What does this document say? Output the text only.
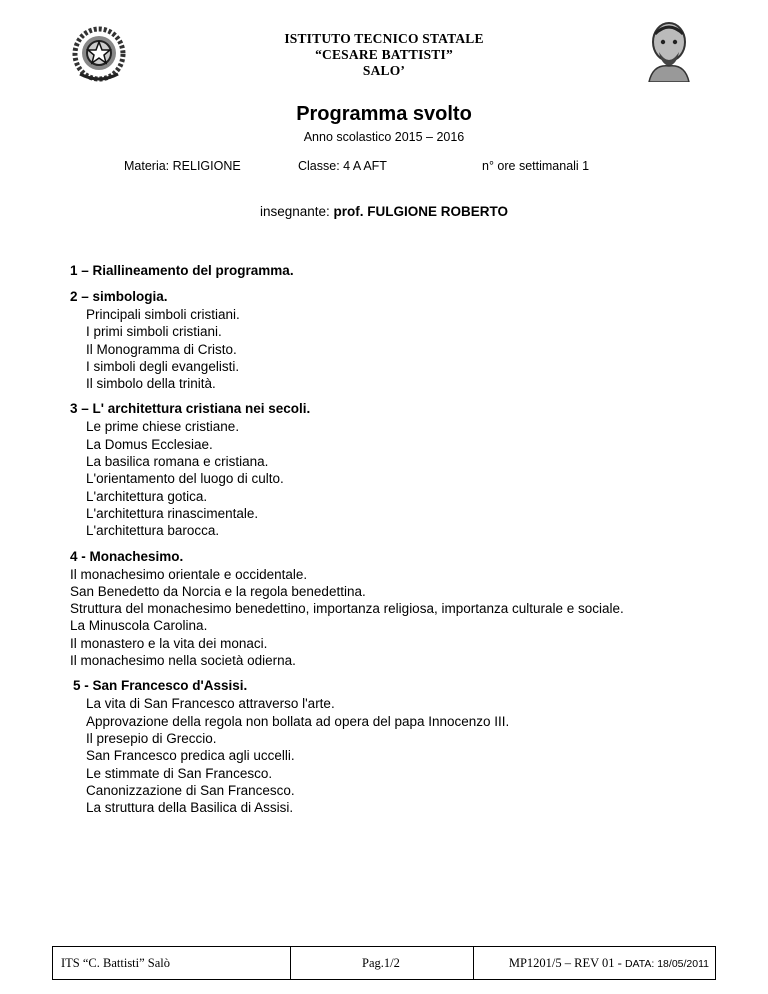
ISTITUTO TECNICO STATALE
“CESARE BATTISTI”
SALO’
Programma svolto
Anno scolastico 2015 – 2016
Materia: RELIGIONE	Classe: 4 A AFT	n° ore settimanali 1
insegnante: prof. FULGIONE ROBERTO
1 – Riallineamento del programma.
2 – simbologia.
Principali simboli cristiani.
I primi simboli cristiani.
Il Monogramma di Cristo.
I simboli degli evangelisti.
Il simbolo della trinità.
3 – L' architettura cristiana nei secoli.
Le prime chiese cristiane.
La Domus Ecclesiae.
La basilica romana e cristiana.
L'orientamento del luogo di culto.
L'architettura gotica.
L'architettura rinascimentale.
L'architettura barocca.
4 - Monachesimo.
Il monachesimo orientale e occidentale.
San Benedetto da Norcia e la regola benedettina.
Struttura del monachesimo benedettino, importanza religiosa, importanza culturale e sociale.
La Minuscola Carolina.
Il monastero e la vita dei monaci.
Il monachesimo nella società odierna.
5 - San Francesco d'Assisi.
La vita di San Francesco attraverso l'arte.
Approvazione della regola non bollata ad opera del papa Innocenzo III.
Il presepio di Greccio.
San Francesco predica agli uccelli.
Le stimmate di San Francesco.
Canonizzazione di San Francesco.
La struttura della Basilica di Assisi.
ITS “C. Battisti” Salò	Pag.1/2	MP1201/5 – REV 01 - DATA: 18/05/2011
